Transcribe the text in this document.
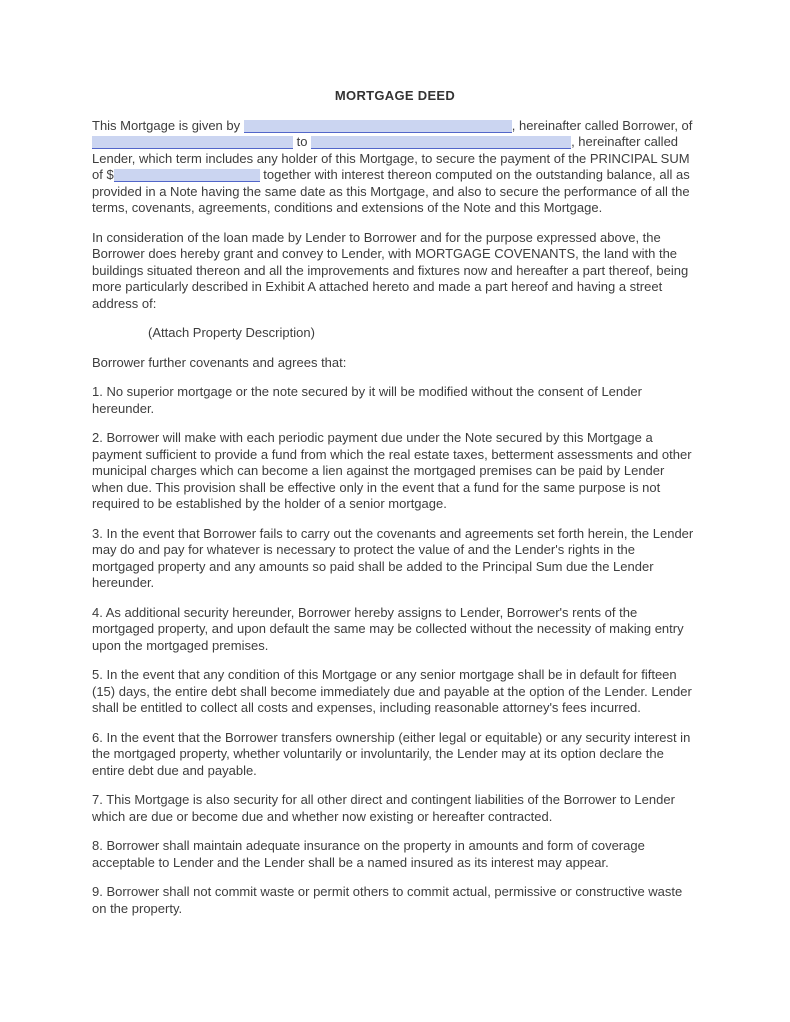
MORTGAGE DEED

This Mortgage is given by	, hereinafter called Borrower, of  to	, hereinafter called Lender, which term includes any holder of this Mortgage, to secure the payment of the PRINCIPAL SUM of $	together with interest thereon computed on the outstanding balance, all as provided in a Note having the same date as this Mortgage, and also to secure the performance of all the terms, covenants, agreements, conditions and extensions of the Note and this Mortgage.

In consideration of the loan made by Lender to Borrower and for the purpose expressed above, the Borrower does hereby grant and convey to Lender, with MORTGAGE COVENANTS, the land with the buildings situated thereon and all the improvements and fixtures now and hereafter a part thereof, being more particularly described in Exhibit A attached hereto and made a part hereof and having a street address of:

(Attach Property Description)

Borrower further covenants and agrees that:

1. No superior mortgage or the note secured by it will be modified without the consent of Lender hereunder.

2. Borrower will make with each periodic payment due under the Note secured by this Mortgage a payment sufficient to provide a fund from which the real estate taxes, betterment assessments and other municipal charges which can become a lien against the mortgaged premises can be paid by Lender when due. This provision shall be effective only in the event that a fund for the same purpose is not required to be established by the holder of a senior mortgage.

3. In the event that Borrower fails to carry out the covenants and agreements set forth herein, the Lender may do and pay for whatever is necessary to protect the value of and the Lender's rights in the mortgaged property and any amounts so paid shall be added to the Principal Sum due the Lender hereunder.

4. As additional security hereunder, Borrower hereby assigns to Lender, Borrower's rents of the mortgaged property, and upon default the same may be collected without the necessity of making entry upon the mortgaged premises.

5. In the event that any condition of this Mortgage or any senior mortgage shall be in default for fifteen (15) days, the entire debt shall become immediately due and payable at the option of the Lender. Lender shall be entitled to collect all costs and expenses, including reasonable attorney's fees incurred.

6. In the event that the Borrower transfers ownership (either legal or equitable) or any security interest in the mortgaged property, whether voluntarily or involuntarily, the Lender may at its option declare the entire debt due and payable.

7. This Mortgage is also security for all other direct and contingent liabilities of the Borrower to Lender which are due or become due and whether now existing or hereafter contracted.

8. Borrower shall maintain adequate insurance on the property in amounts and form of coverage acceptable to Lender and the Lender shall be a named insured as its interest may appear.

9. Borrower shall not commit waste or permit others to commit actual, permissive or constructive waste on the property.
